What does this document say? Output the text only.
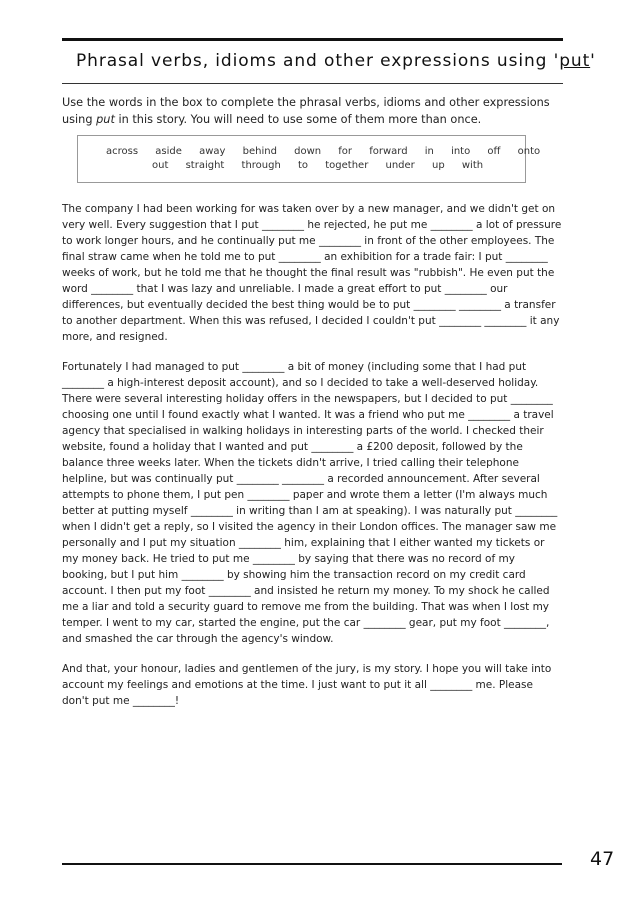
Phrasal verbs, idioms and other expressions using 'put'
Use the words in the box to complete the phrasal verbs, idioms and other expressions using put in this story. You will need to use some of them more than once.
across aside away behind down for forward in into off onto
out straight through to together under up with

The company I had been working for was taken over by a new manager, and we didn't get on very well. Every suggestion that I put ________ he rejected, he put me ________ a lot of pressure to work longer hours, and he continually put me ________ in front of the other employees. The final straw came when he told me to put ________ an exhibition for a trade fair: I put ________ weeks of work, but he told me that he thought the final result was "rubbish". He even put the word ________ that I was lazy and unreliable. I made a great effort to put ________ our differences, but eventually decided the best thing would be to put ________ ________ a transfer to another department. When this was refused, I decided I couldn't put ________ ________ it any more, and resigned.

Fortunately I had managed to put ________ a bit of money (including some that I had put ________ a high-interest deposit account), and so I decided to take a well-deserved holiday. There were several interesting holiday offers in the newspapers, but I decided to put ________ choosing one until I found exactly what I wanted. It was a friend who put me ________ a travel agency that specialised in walking holidays in interesting parts of the world. I checked their website, found a holiday that I wanted and put ________ a £200 deposit, followed by the balance three weeks later. When the tickets didn't arrive, I tried calling their telephone helpline, but was continually put ________ ________ a recorded announcement. After several attempts to phone them, I put pen ________ paper and wrote them a letter (I'm always much better at putting myself ________ in writing than I am at speaking). I was naturally put ________ when I didn't get a reply, so I visited the agency in their London offices. The manager saw me personally and I put my situation ________ him, explaining that I either wanted my tickets or my money back. He tried to put me ________ by saying that there was no record of my booking, but I put him ________ by showing him the transaction record on my credit card account. I then put my foot ________ and insisted he return my money. To my shock he called me a liar and told a security guard to remove me from the building. That was when I lost my temper. I went to my car, started the engine, put the car ________ gear, put my foot ________, and smashed the car through the agency's window.

And that, your honour, ladies and gentlemen of the jury, is my story. I hope you will take into account my feelings and emotions at the time. I just want to put it all ________ me. Please don't put me ________!

47
